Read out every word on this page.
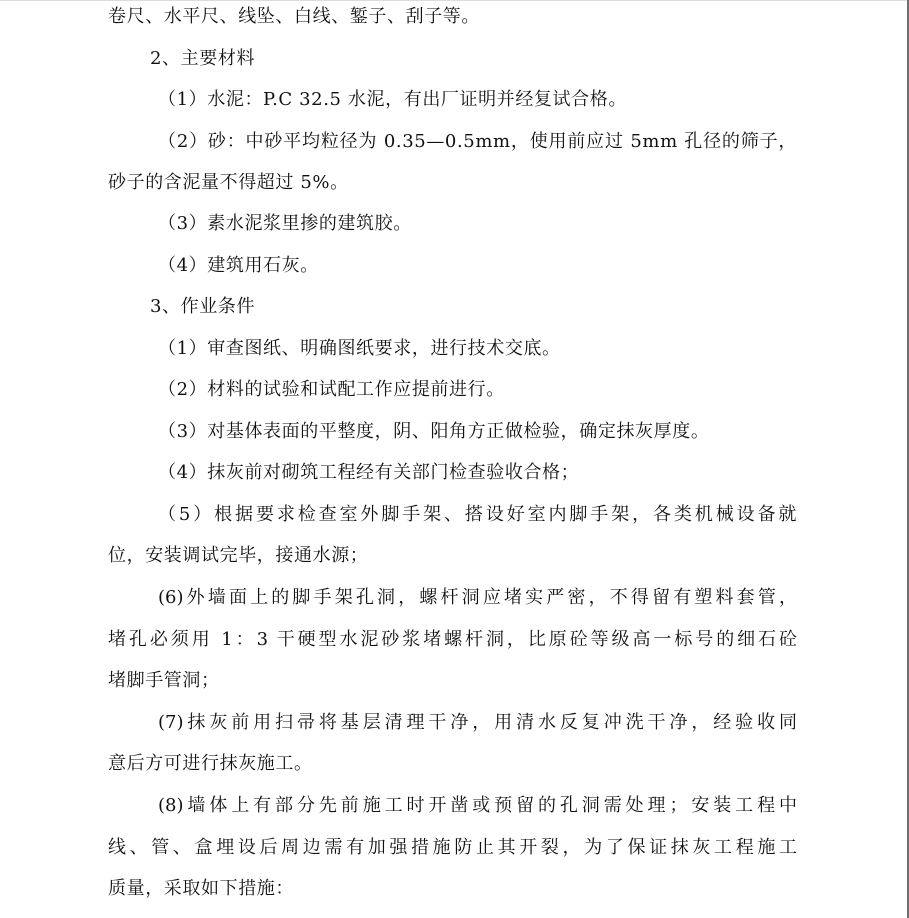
卷尺、水平尺、线坠、白线、錾子、刮子等。
2、主要材料
（1）水泥：P.C 32.5 水泥，有出厂证明并经复试合格。
（2）砂：中砂平均粒径为 0.35—0.5mm，使用前应过 5mm 孔径的筛子，
砂子的含泥量不得超过 5%。
（3）素水泥浆里掺的建筑胶。
（4）建筑用石灰。
3、作业条件
（1）审查图纸、明确图纸要求，进行技术交底。
（2）材料的试验和试配工作应提前进行。
（3）对基体表面的平整度，阴、阳角方正做检验，确定抹灰厚度。
（4）抹灰前对砌筑工程经有关部门检查验收合格；
（5）根据要求检查室外脚手架、搭设好室内脚手架，各类机械设备就
位，安装调试完毕，接通水源；
(6)外墙面上的脚手架孔洞，螺杆洞应堵实严密，不得留有塑料套管，
堵孔必须用 1：3 干硬型水泥砂浆堵螺杆洞，比原砼等级高一标号的细石砼
堵脚手管洞；
(7)抹灰前用扫帚将基层清理干净，用清水反复冲洗干净，经验收同
意后方可进行抹灰施工。
(8)墙体上有部分先前施工时开凿或预留的孔洞需处理；安装工程中
线、管、盒埋设后周边需有加强措施防止其开裂，为了保证抹灰工程施工
质量，采取如下措施：
